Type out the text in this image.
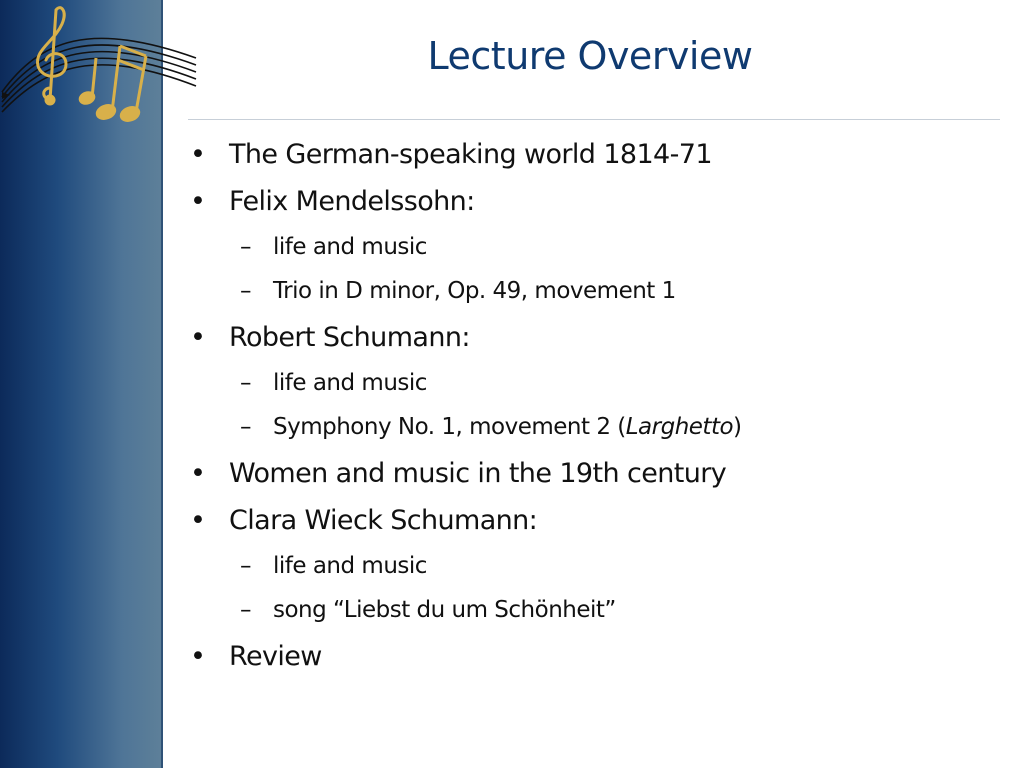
Lecture Overview
• The German-speaking world 1814-71
• Felix Mendelssohn:
– life and music
– Trio in D minor, Op. 49, movement 1
• Robert Schumann:
– life and music
– Symphony No. 1, movement 2 (Larghetto)
• Women and music in the 19th century
• Clara Wieck Schumann:
– life and music
– song “Liebst du um Schönheit”
• Review
